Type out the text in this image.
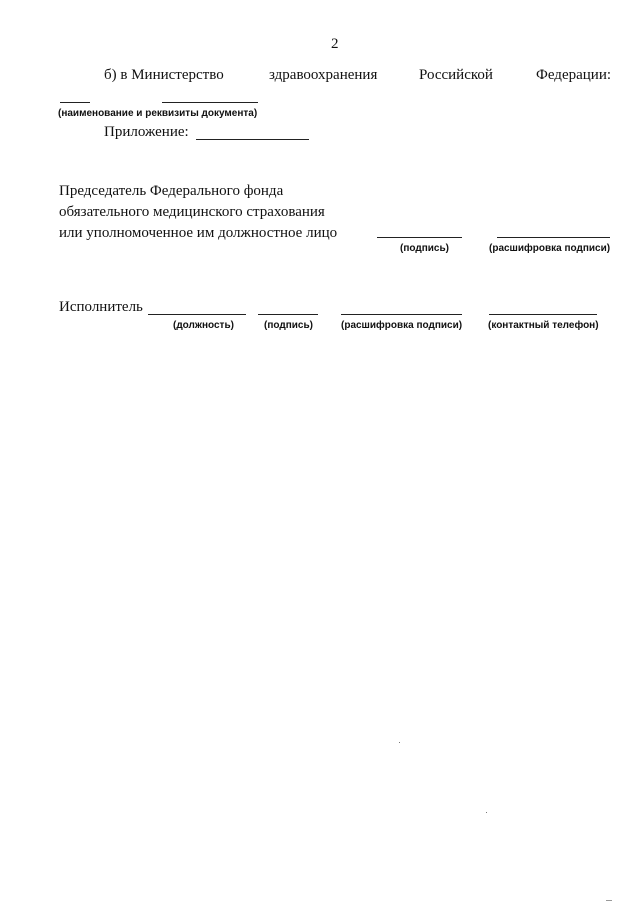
2
б) в Министерство	здравоохранения	Российской	Федерации:
(наименование и реквизиты документа)
Приложение:
Председатель Федерального фонда
обязательного медицинского страхования
или уполномоченное им должностное лицо
(подпись)	(расшифровка подписи)
Исполнитель
(должность)	(подпись)	(расшифровка подписи)	(контактный телефон)
